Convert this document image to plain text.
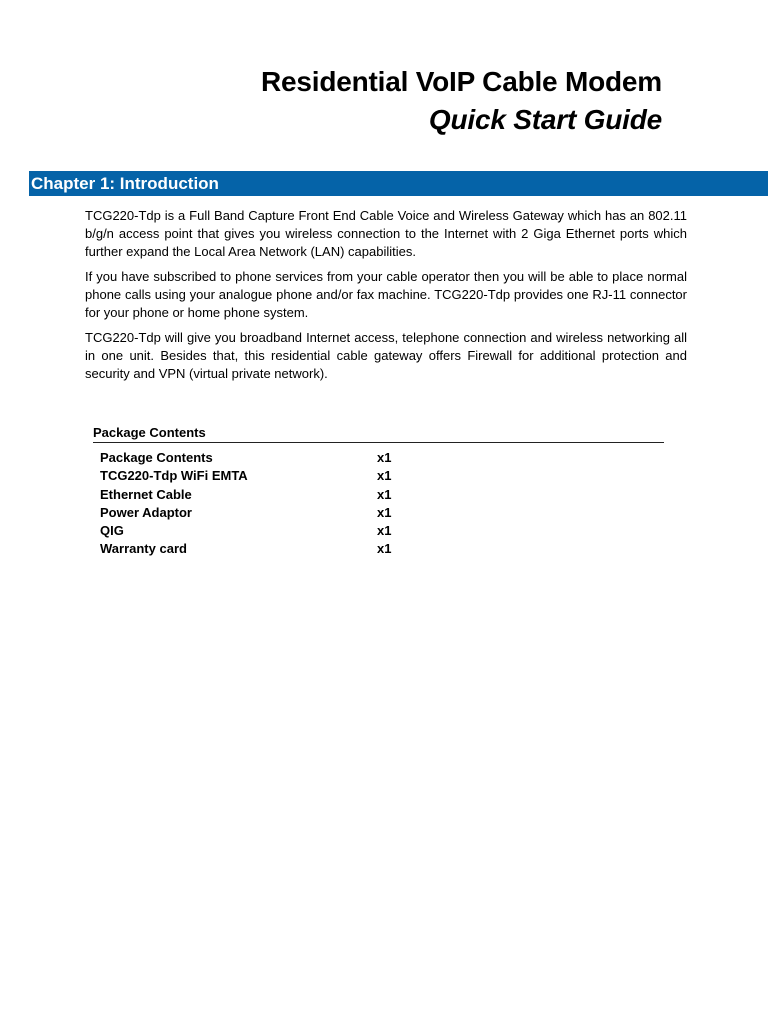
Residential VoIP Cable Modem
Quick Start Guide
Chapter 1: Introduction

TCG220-Tdp is a Full Band Capture Front End Cable Voice and Wireless Gateway which has an 802.11 b/g/n access point that gives you wireless connection to the Internet with 2 Giga Ethernet ports which further expand the Local Area Network (LAN) capabilities.

If you have subscribed to phone services from your cable operator then you will be able to place normal phone calls using your analogue phone and/or fax machine. TCG220-Tdp provides one RJ-11 connector for your phone or home phone system.

TCG220-Tdp will give you broadband Internet access, telephone connection and wireless networking all in one unit. Besides that, this residential cable gateway offers Firewall for additional protection and security and VPN (virtual private network).

Package Contents
Package Contents	x1
TCG220-Tdp WiFi EMTA	x1
Ethernet Cable	x1
Power Adaptor	x1
QIG	x1
Warranty card	x1
